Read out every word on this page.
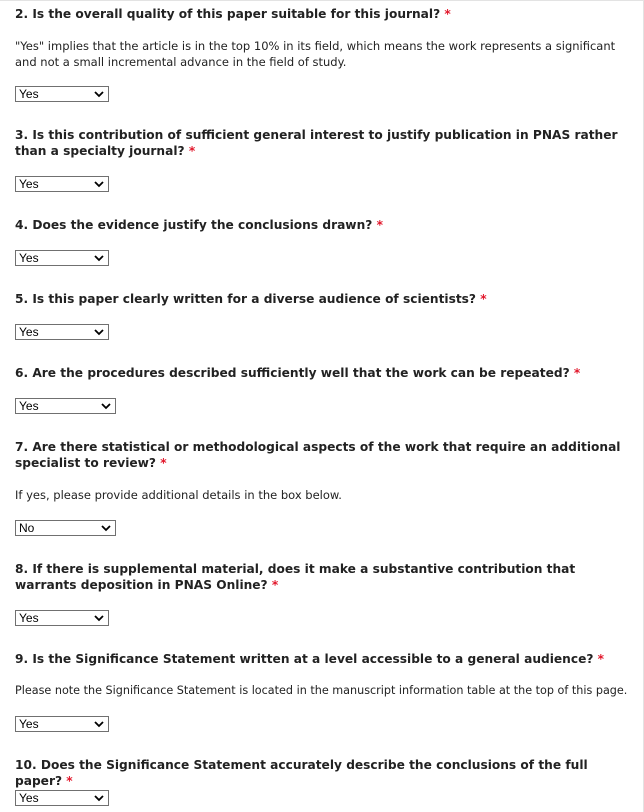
2. Is the overall quality of this paper suitable for this journal? *
"Yes" implies that the article is in the top 10% in its field, which means the work represents a significant and not a small incremental advance in the field of study.
Yes
3. Is this contribution of sufficient general interest to justify publication in PNAS rather than a specialty journal? *
Yes
4. Does the evidence justify the conclusions drawn? *
Yes
5. Is this paper clearly written for a diverse audience of scientists? *
Yes
6. Are the procedures described sufficiently well that the work can be repeated? *
Yes
7. Are there statistical or methodological aspects of the work that require an additional specialist to review? *
If yes, please provide additional details in the box below.
No
8. If there is supplemental material, does it make a substantive contribution that warrants deposition in PNAS Online? *
Yes
9. Is the Significance Statement written at a level accessible to a general audience? *
Please note the Significance Statement is located in the manuscript information table at the top of this page.
Yes
10. Does the Significance Statement accurately describe the conclusions of the full paper? *
Yes
